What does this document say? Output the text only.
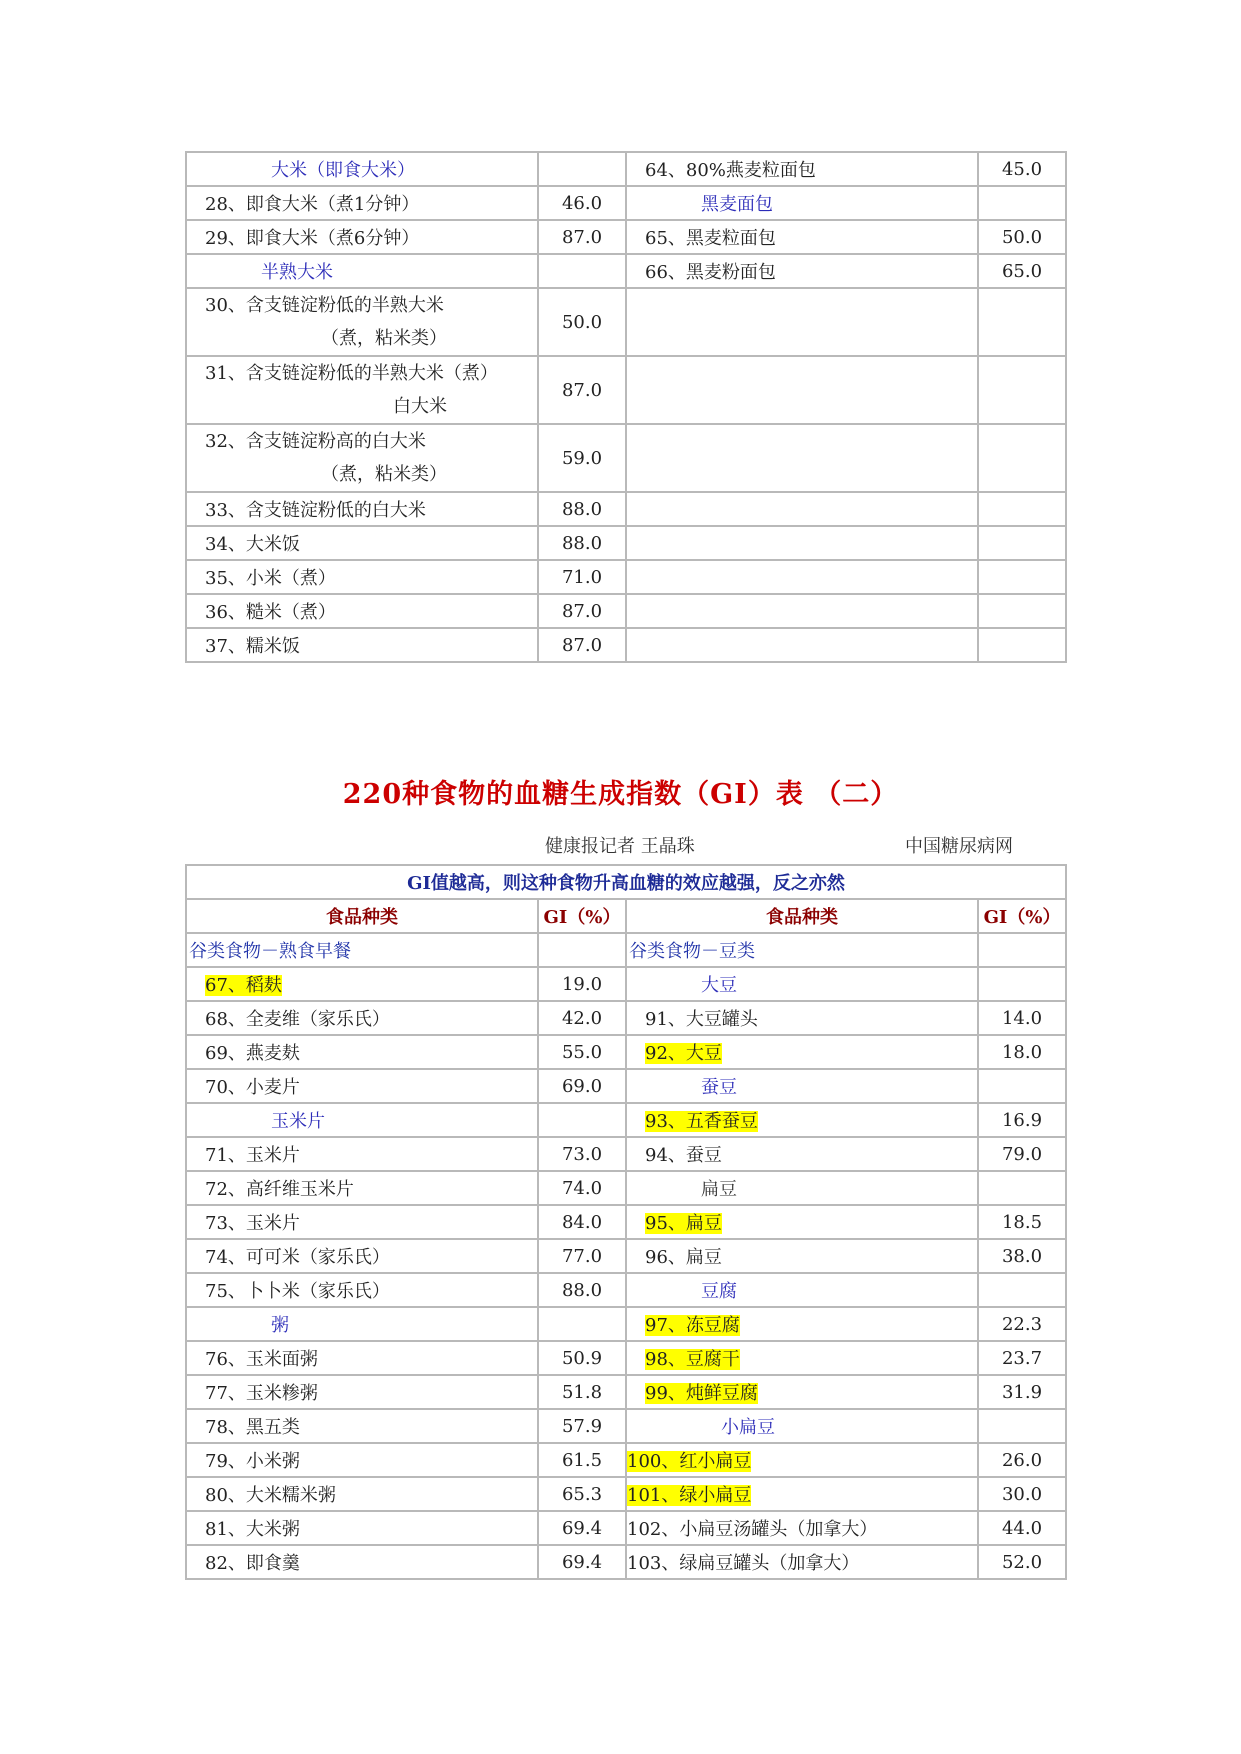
大米（即食大米）		64、80%燕麦粒面包	45.0
28、即食大米（煮1分钟）	46.0	黑麦面包	
29、即食大米（煮6分钟）	87.0	65、黑麦粒面包	50.0
半熟大米		66、黑麦粉面包	65.0
30、含支链淀粉低的半熟大米
（煮，粘米类）	50.0		
31、含支链淀粉低的半熟大米（煮）
白大米	87.0		
32、含支链淀粉高的白大米
（煮，粘米类）	59.0		
33、含支链淀粉低的白大米	88.0		
34、大米饭	88.0		
35、小米（煮）	71.0		
36、糙米（煮）	87.0		
37、糯米饭	87.0		
220种食物的血糖生成指数（GI）表 （二）
健康报记者 王晶珠	中国糖尿病网
GI值越高，则这种食物升高血糖的效应越强，反之亦然			
食品种类	GI（%）	食品种类	GI（%）
谷类食物－熟食早餐		谷类食物－豆类	
67、稻麸	19.0	大豆	
68、全麦维（家乐氏）	42.0	91、大豆罐头	14.0
69、燕麦麸	55.0	92、大豆	18.0
70、小麦片	69.0	蚕豆	
玉米片		93、五香蚕豆	16.9
71、玉米片	73.0	94、蚕豆	79.0
72、高纤维玉米片	74.0	扁豆	
73、玉米片	84.0	95、扁豆	18.5
74、可可米（家乐氏）	77.0	96、扁豆	38.0
75、卜卜米（家乐氏）	88.0	豆腐	
粥		97、冻豆腐	22.3
76、玉米面粥	50.9	98、豆腐干	23.7
77、玉米糁粥	51.8	99、炖鲜豆腐	31.9
78、黑五类	57.9	小扁豆	
79、小米粥	61.5	100、红小扁豆	26.0
80、大米糯米粥	65.3	101、绿小扁豆	30.0
81、大米粥	69.4	102、小扁豆汤罐头（加拿大）	44.0
82、即食羹	69.4	103、绿扁豆罐头（加拿大）	52.0
